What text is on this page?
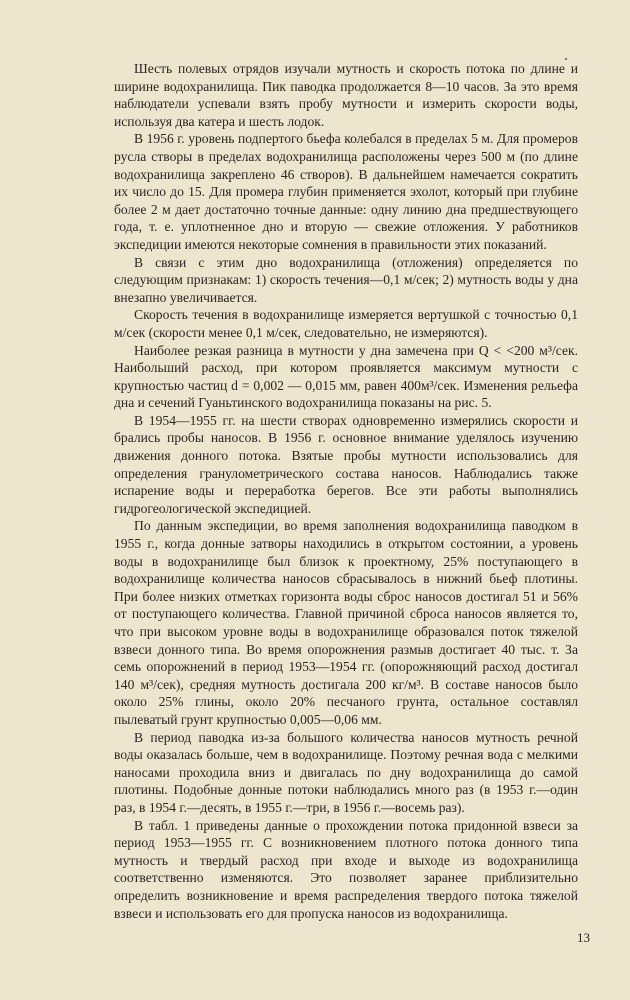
Шесть полевых отрядов изучали мутность и скорость потока по длине и ширине водохранилища. Пик паводка продолжается 8—10 часов. За это время наблюдатели успевали взять пробу мутности и измерить скорости воды, используя два катера и шесть лодок.

В 1956 г. уровень подпертого бьефа колебался в пределах 5 м. Для промеров русла створы в пределах водохранилища расположены через 500 м (по длине водохранилища закреплено 46 створов). В дальнейшем намечается сократить их число до 15. Для промера глубин применяется эхолот, который при глубине более 2 м дает достаточно точные данные: одну линию дна предшествующего года, т. е. уплотненное дно и вторую — свежие отложения. У работников экспедиции имеются некоторые сомнения в правильности этих показаний.

В связи с этим дно водохранилища (отложения) определяется по следующим признакам: 1) скорость течения—0,1 м/сек; 2) мутность воды у дна внезапно увеличивается.

Скорость течения в водохранилище измеряется вертушкой с точностью 0,1 м/сек (скорости менее 0,1 м/сек, следовательно, не измеряются).

Наиболее резкая разница в мутности у дна замечена при Q < <200 м³/сек. Наибольший расход, при котором проявляется максимум мутности с крупностью частиц d = 0,002 — 0,015 мм, равен 400м³/сек. Изменения рельефа дна и сечений Гуаньтинского водохранилища показаны на рис. 5.

В 1954—1955 гг. на шести створах одновременно измерялись скорости и брались пробы наносов. В 1956 г. основное внимание уделялось изучению движения донного потока. Взятые пробы мутности использовались для определения гранулометрического состава наносов. Наблюдались также испарение воды и переработка берегов. Все эти работы выполнялись гидрогеологической экспедицией.

По данным экспедиции, во время заполнения водохранилища паводком в 1955 г., когда донные затворы находились в открытом состоянии, а уровень воды в водохранилище был близок к проектному, 25% поступающего в водохранилище количества наносов сбрасывалось в нижний бьеф плотины. При более низких отметках горизонта воды сброс наносов достигал 51 и 56% от поступающего количества. Главной причиной сброса наносов является то, что при высоком уровне воды в водохранилище образовался поток тяжелой взвеси донного типа. Во время опорожнения размыв достигает 40 тыс. т. За семь опорожнений в период 1953—1954 гг. (опорожняющий расход достигал 140 м³/сек), средняя мутность достигала 200 кг/м³. В составе наносов было около 25% глины, около 20% песчаного грунта, остальное составлял пылеватый грунт крупностью 0,005—0,06 мм.

В период паводка из-за большого количества наносов мутность речной воды оказалась больше, чем в водохранилище. Поэтому речная вода с мелкими наносами проходила вниз и двигалась по дну водохранилища до самой плотины. Подобные донные потоки наблюдались много раз (в 1953 г.—один раз, в 1954 г.—десять, в 1955 г.—три, в 1956 г.—восемь раз).

В табл. 1 приведены данные о прохождении потока придонной взвеси за период 1953—1955 гг. С возникновением плотного потока донного типа мутность и твердый расход при входе и выходе из водохранилища соответственно изменяются. Это позволяет заранее приблизительно определить возникновение и время распределения твердого потока тяжелой взвеси и использовать его для пропуска наносов из водохранилища.

13
